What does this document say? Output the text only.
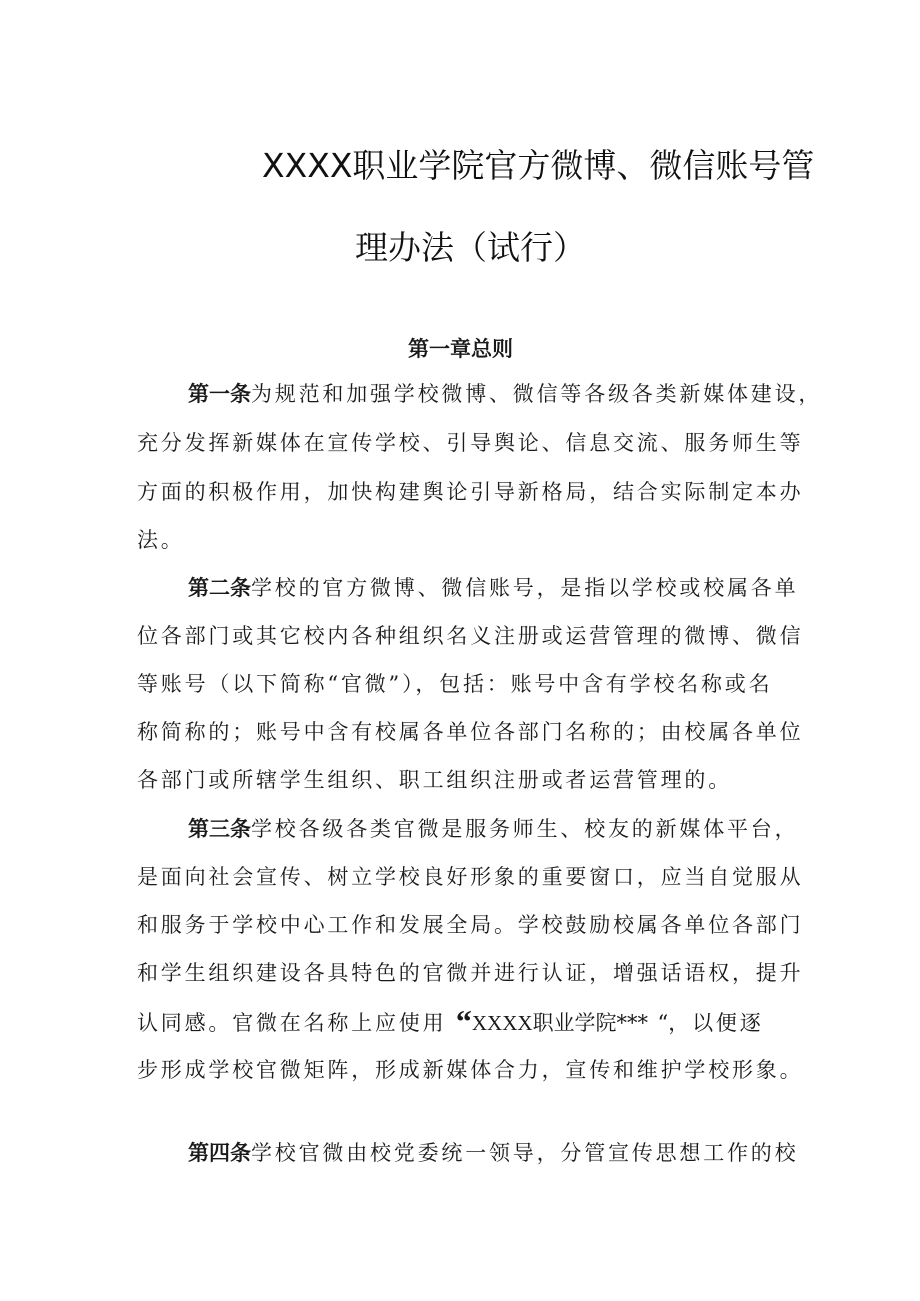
XXXX职业学院官方微博、微信账号管
理办法（试行）
第一章总则
第一条为规范和加强学校微博、微信等各级各类新媒体建设，
充分发挥新媒体在宣传学校、引导舆论、信息交流、服务师生等
方面的积极作用，加快构建舆论引导新格局，结合实际制定本办
法。
第二条学校的官方微博、微信账号，是指以学校或校属各单
位各部门或其它校内各种组织名义注册或运营管理的微博、微信
等账号（以下简称“官微”），包括：账号中含有学校名称或名
称简称的；账号中含有校属各单位各部门名称的；由校属各单位
各部门或所辖学生组织、职工组织注册或者运营管理的。
第三条学校各级各类官微是服务师生、校友的新媒体平台，
是面向社会宣传、树立学校良好形象的重要窗口，应当自觉服从
和服务于学校中心工作和发展全局。学校鼓励校属各单位各部门
和学生组织建设各具特色的官微并进行认证，增强话语权，提升
认同感。官微在名称上应使用 “XXXX职业学院*** “，以便逐
步形成学校官微矩阵，形成新媒体合力，宣传和维护学校形象。
第四条学校官微由校党委统一领导，分管宣传思想工作的校
